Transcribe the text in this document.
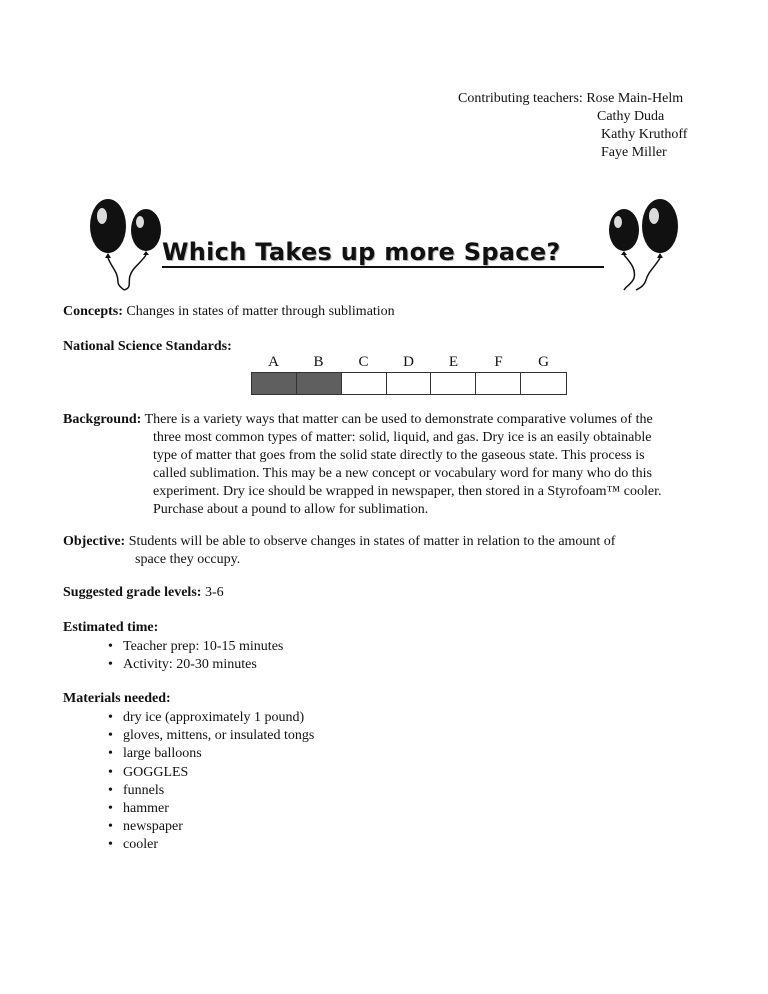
Contributing teachers: Rose Main-Helm
Cathy Duda
Kathy Kruthoff
Faye Miller
Which Takes up more Space?
Concepts: Changes in states of matter through sublimation
National Science Standards:
A	B	C	D	E	F	G
Background: There is a variety ways that matter can be used to demonstrate comparative volumes of the
three most common types of matter: solid, liquid, and gas. Dry ice is an easily obtainable
type of matter that goes from the solid state directly to the gaseous state. This process is
called sublimation. This may be a new concept or vocabulary word for many who do this
experiment. Dry ice should be wrapped in newspaper, then stored in a Styrofoam™ cooler.
Purchase about a pound to allow for sublimation.
Objective: Students will be able to observe changes in states of matter in relation to the amount of
space they occupy.
Suggested grade levels: 3-6
Estimated time:
• Teacher prep: 10-15 minutes
• Activity: 20-30 minutes
Materials needed:
• dry ice (approximately 1 pound)
• gloves, mittens, or insulated tongs
• large balloons
• GOGGLES
• funnels
• hammer
• newspaper
• cooler
